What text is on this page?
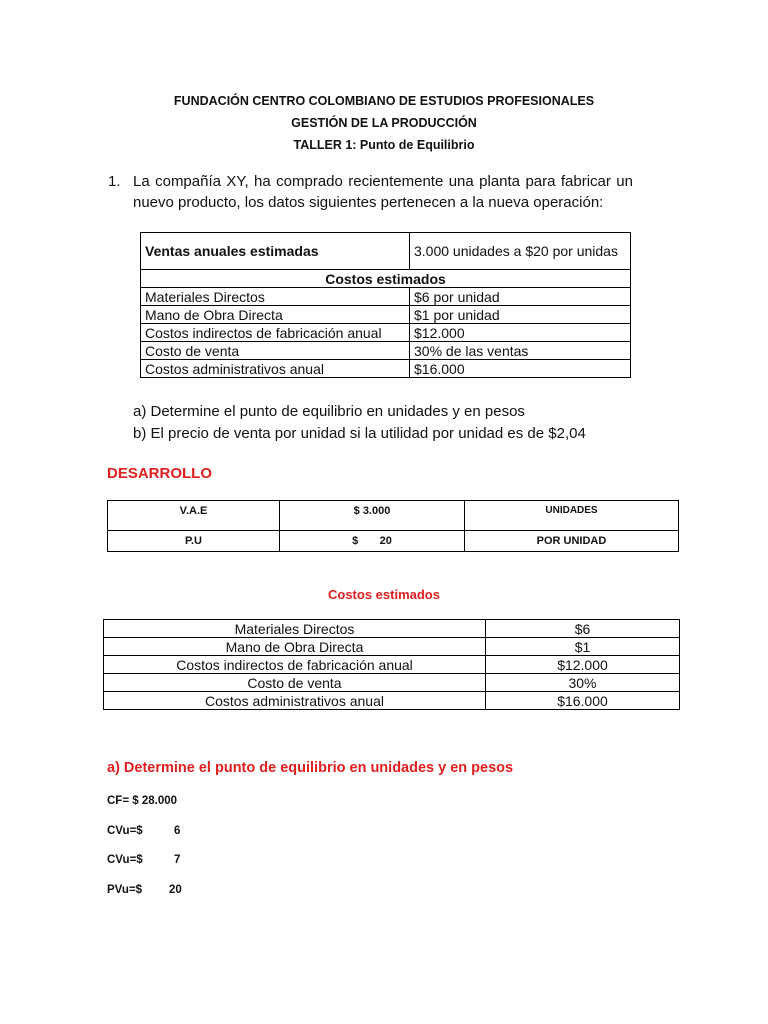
FUNDACIÓN CENTRO COLOMBIANO DE ESTUDIOS PROFESIONALES
GESTIÓN DE LA PRODUCCIÓN
TALLER 1: Punto de Equilibrio
1. La compañía XY, ha comprado recientemente una planta para fabricar un nuevo producto, los datos siguientes pertenecen a la nueva operación:
Ventas anuales estimadas	3.000 unidades a $20 por unidas
Costos estimados	
Materiales Directos	$6 por unidad
Mano de Obra Directa	$1 por unidad
Costos indirectos de fabricación anual	$12.000
Costo de venta	30% de las ventas
Costos administrativos anual	$16.000
a) Determine el punto de equilibrio en unidades y en pesos
b) El precio de venta por unidad si la utilidad por unidad es de $2,04
DESARROLLO
V.A.E	$ 3.000	UNIDADES
P.U	$       20	POR UNIDAD
Costos estimados
Materiales Directos	$6
Mano de Obra Directa	$1
Costos indirectos de fabricación anual	$12.000
Costo de venta	30%
Costos administrativos anual	$16.000
a) Determine el punto de equilibrio en unidades y en pesos
CF= $ 28.000
CVu=$	6
CVu=$	7
PVu=$ 20
